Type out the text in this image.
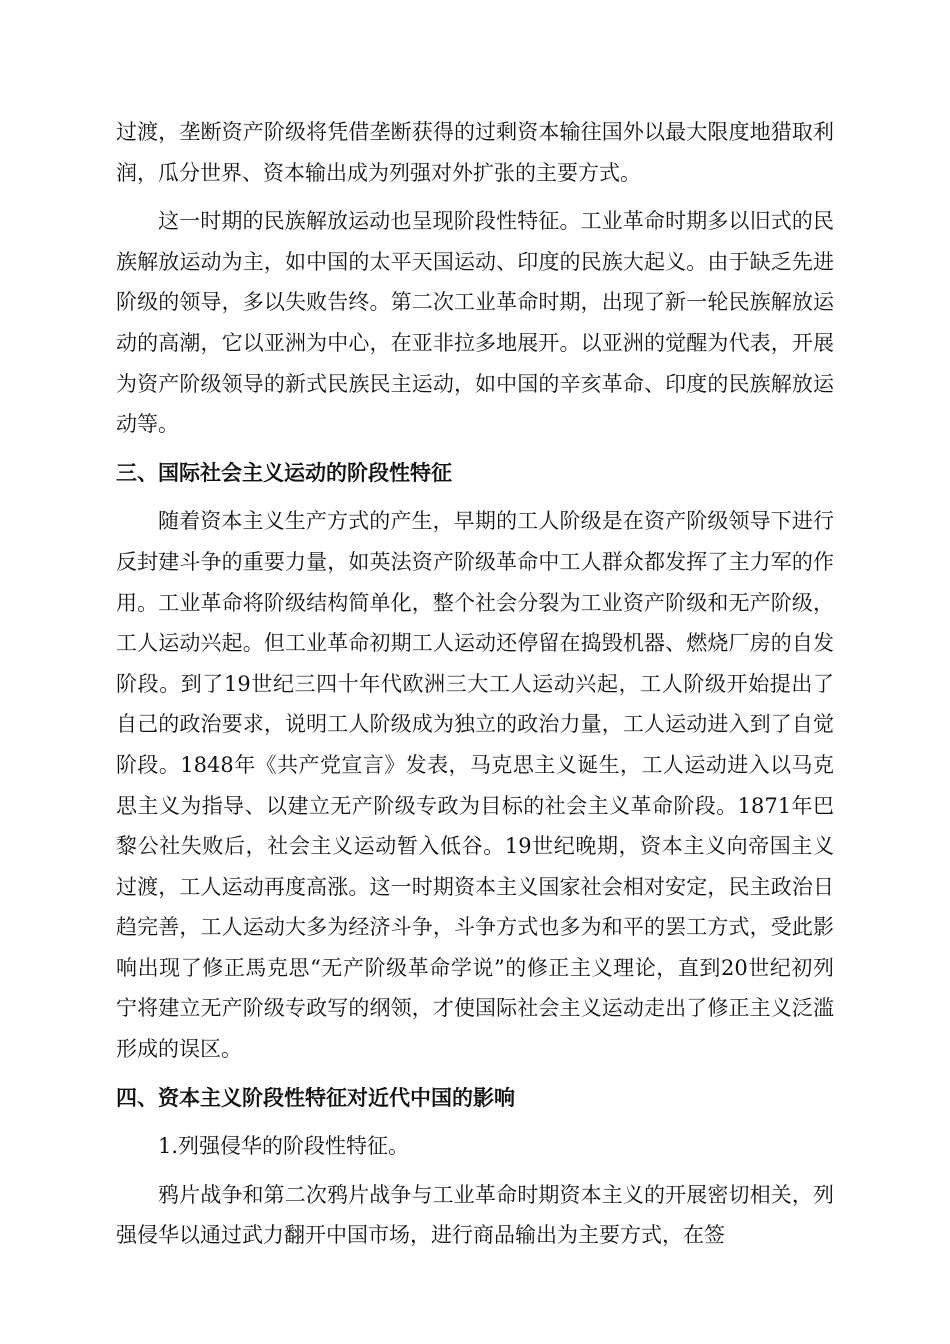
过渡，垄断资产阶级将凭借垄断获得的过剩资本输往国外以最大限度地猎取利润，瓜分世界、资本输出成为列强对外扩张的主要方式。

这一时期的民族解放运动也呈现阶段性特征。工业革命时期多以旧式的民族解放运动为主，如中国的太平天国运动、印度的民族大起义。由于缺乏先进阶级的领导，多以失败告终。第二次工业革命时期，出现了新一轮民族解放运动的高潮，它以亚洲为中心，在亚非拉多地展开。以亚洲的觉醒为代表，开展为资产阶级领导的新式民族民主运动，如中国的辛亥革命、印度的民族解放运动等。

三、国际社会主义运动的阶段性特征

随着资本主义生产方式的产生，早期的工人阶级是在资产阶级领导下进行反封建斗争的重要力量，如英法资产阶级革命中工人群众都发挥了主力军的作用。工业革命将阶级结构简单化，整个社会分裂为工业资产阶级和无产阶级，工人运动兴起。但工业革命初期工人运动还停留在捣毁机器、燃烧厂房的自发阶段。到了19世纪三四十年代欧洲三大工人运动兴起，工人阶级开始提出了自己的政治要求，说明工人阶级成为独立的政治力量，工人运动进入到了自觉阶段。1848年《共产党宣言》发表，马克思主义诞生，工人运动进入以马克思主义为指导、以建立无产阶级专政为目标的社会主义革命阶段。1871年巴黎公社失败后，社会主义运动暂入低谷。19世纪晚期，资本主义向帝国主义过渡，工人运动再度高涨。这一时期资本主义国家社会相对安定，民主政治日趋完善，工人运动大多为经济斗争，斗争方式也多为和平的罢工方式，受此影响出现了修正馬克思“无产阶级革命学说”的修正主义理论，直到20世纪初列宁将建立无产阶级专政写的纲领，才使国际社会主义运动走出了修正主义泛滥形成的误区。

四、资本主义阶段性特征对近代中国的影响

1.列强侵华的阶段性特征。

鸦片战争和第二次鸦片战争与工业革命时期资本主义的开展密切相关，列强侵华以通过武力翻开中国市场，进行商品输出为主要方式，在签
